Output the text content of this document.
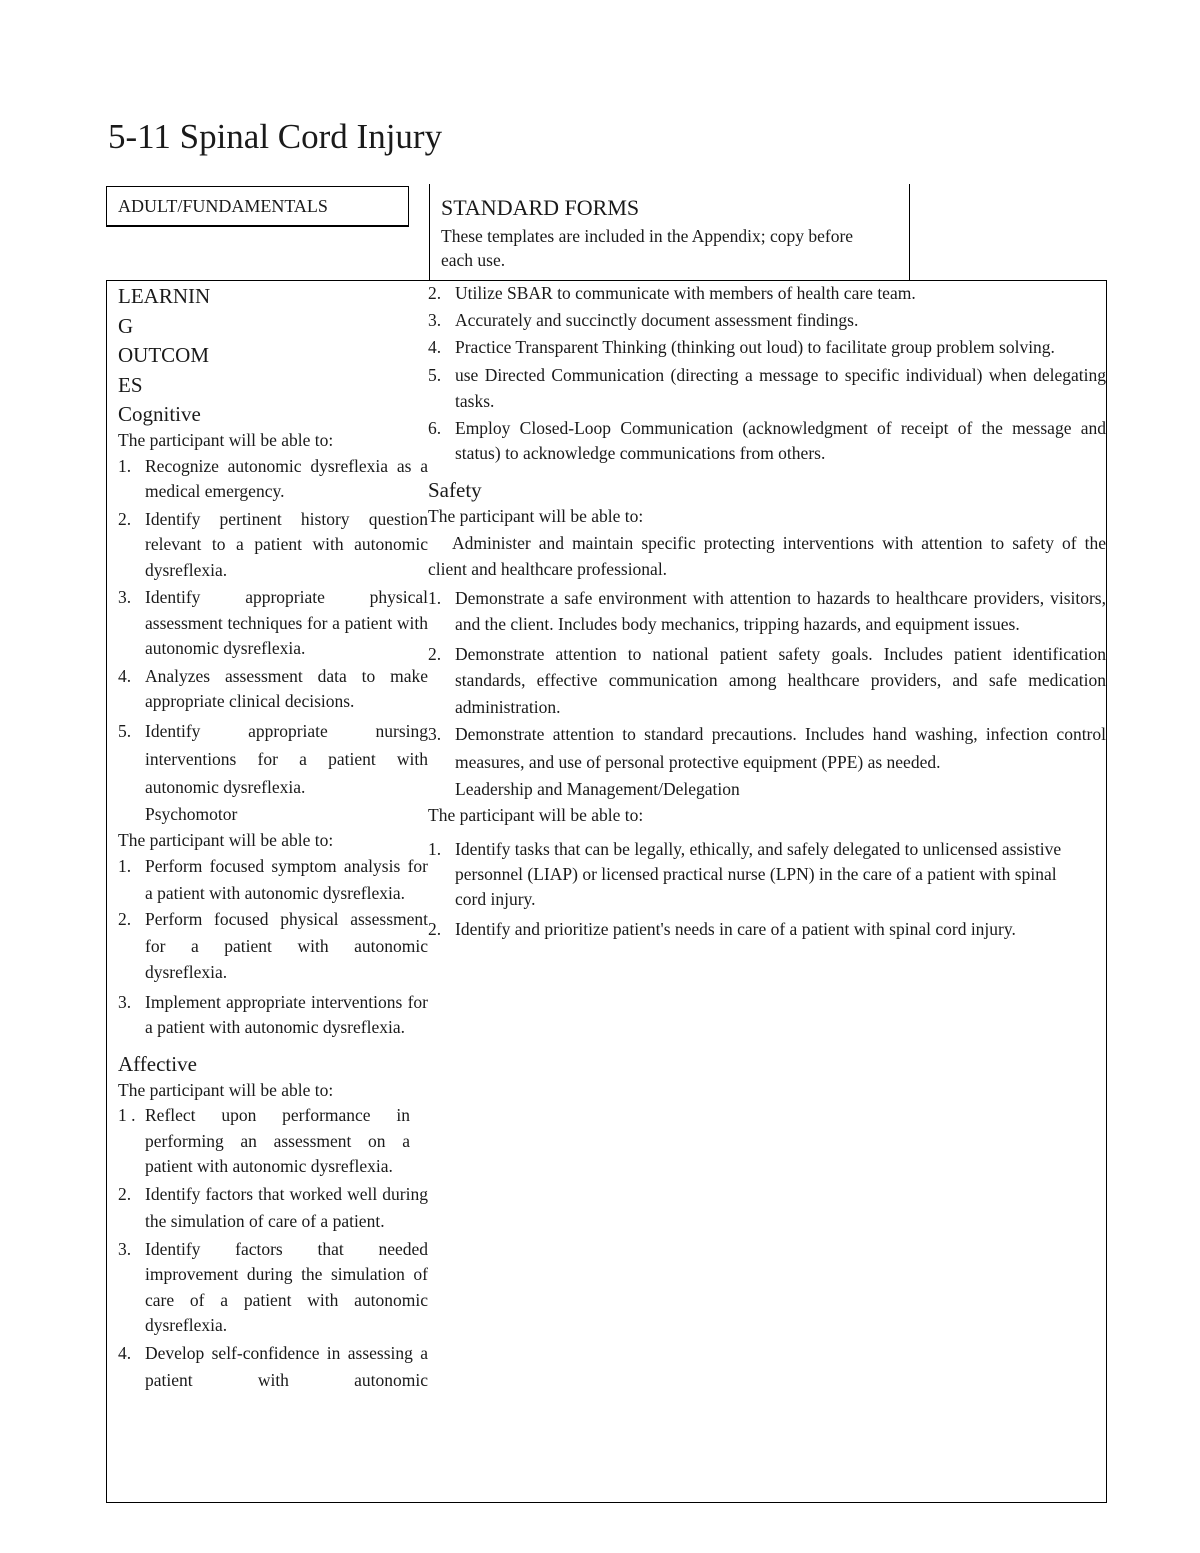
5-11 Spinal Cord Injury
ADULT/FUNDAMENTALS	STANDARD FORMS
These templates are included in the Appendix; copy before each use.
LEARNIN
G
OUTCOM
ES
Cognitive

The participant will be able to:

1. Recognize autonomic dysreflexia as a medical emergency.
2. Identify pertinent history question relevant to a patient with autonomic dysreflexia.
3. Identify appropriate physical assessment techniques for a patient with autonomic dysreflexia.
4. Analyzes assessment data to make appropriate clinical decisions.
5. Identify appropriate nursing interventions for a patient with autonomic dysreflexia.
Psychomotor

The participant will be able to:

1. Perform focused symptom analysis for a patient with autonomic dysreflexia.
2. Perform focused physical assessment for a patient with autonomic dysreflexia.
3. Implement appropriate interventions for a patient with autonomic dysreflexia.
Affective

The participant will be able to:

1 . Reflect upon performance in performing an assessment on a patient with autonomic dysreflexia.
2. Identify factors that worked well during the simulation of care of a patient.
3. Identify factors that needed improvement during the simulation of care of a patient with autonomic dysreflexia.
4. Develop self-confidence in assessing a patient with autonomic
2. Utilize SBAR to communicate with members of health care team.
3. Accurately and succinctly document assessment findings.
4. Practice Transparent Thinking (thinking out loud) to facilitate group problem solving.
5. use Directed Communication (directing a message to specific individual) when delegating tasks.
6. Employ Closed-Loop Communication (acknowledgment of receipt of the message and status) to acknowledge communications from others.
Safety

The participant will be able to:

Administer and maintain specific protecting interventions with attention to safety of the client and healthcare professional.

1. Demonstrate a safe environment with attention to hazards to healthcare providers, visitors, and the client. Includes body mechanics, tripping hazards, and equipment issues.
2. Demonstrate attention to national patient safety goals. Includes patient identification standards, effective communication among healthcare providers, and safe medication administration.
3. Demonstrate attention to standard precautions. Includes hand washing, infection control measures, and use of personal protective equipment (PPE) as needed.
Leadership and Management/Delegation

The participant will be able to:

1. Identify tasks that can be legally, ethically, and safely delegated to unlicensed assistive personnel (LIAP) or licensed practical nurse (LPN) in the care of a patient with spinal cord injury.
2. Identify and prioritize patient's needs in care of a patient with spinal cord injury.
